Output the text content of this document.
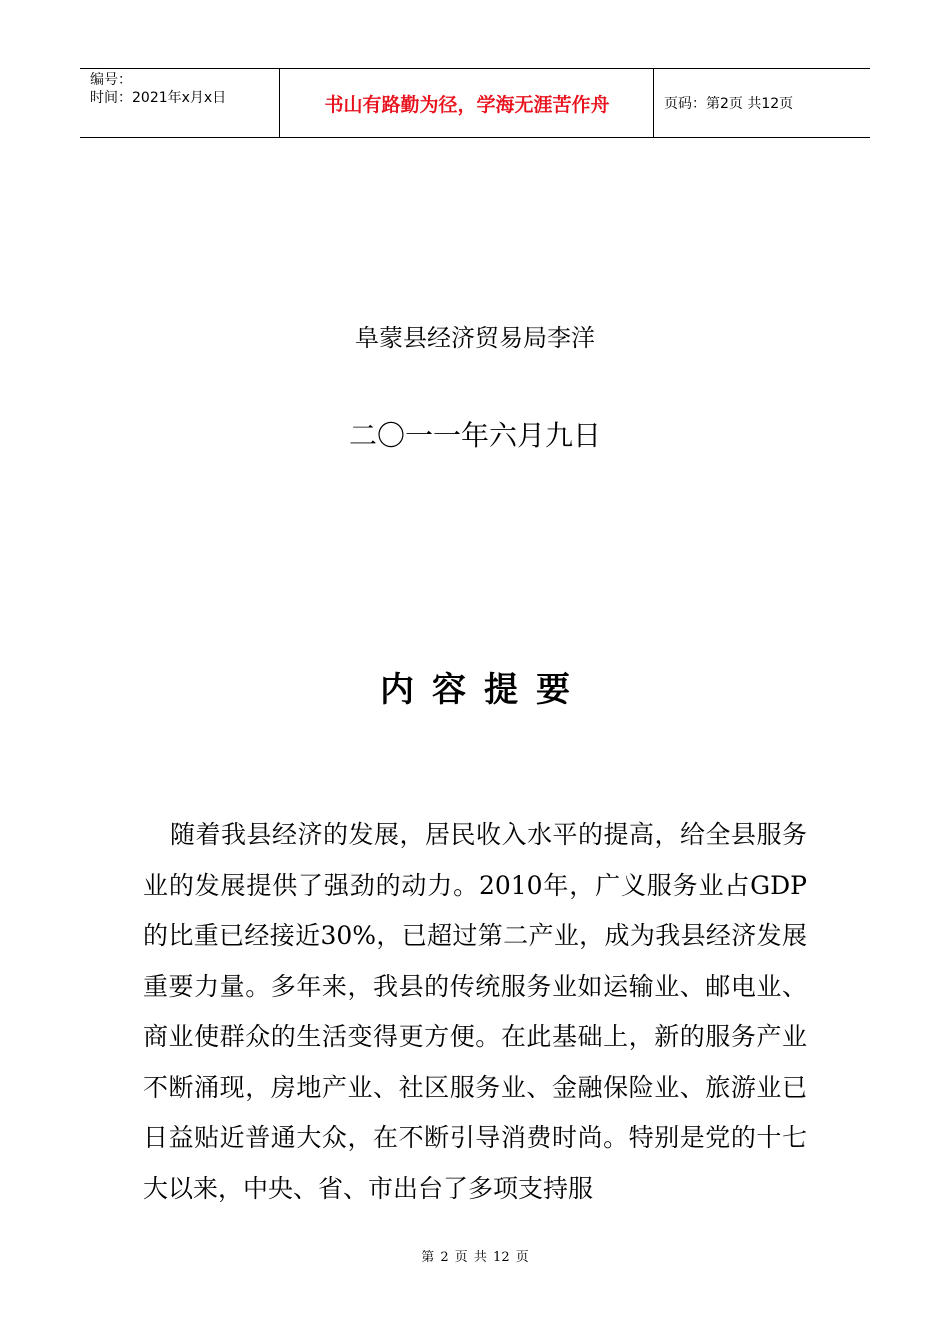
编号：
时间：2021年x月x日	书山有路勤为径，学海无涯苦作舟	页码：第2页 共12页
阜蒙县经济贸易局李洋
二〇一一年六月九日
内容提要

随着我县经济的发展，居民收入水平的提高，给全县服务业的发展提供了强劲的动力。2010年，广义服务业占GDP的比重已经接近30%，已超过第二产业，成为我县经济发展重要力量。多年来，我县的传统服务业如运输业、邮电业、商业使群众的生活变得更方便。在此基础上，新的服务产业不断涌现，房地产业、社区服务业、金融保险业、旅游业已日益贴近普通大众，在不断引导消费时尚。特别是党的十七大以来，中央、省、市出台了多项支持服

第 2 页 共 12 页
